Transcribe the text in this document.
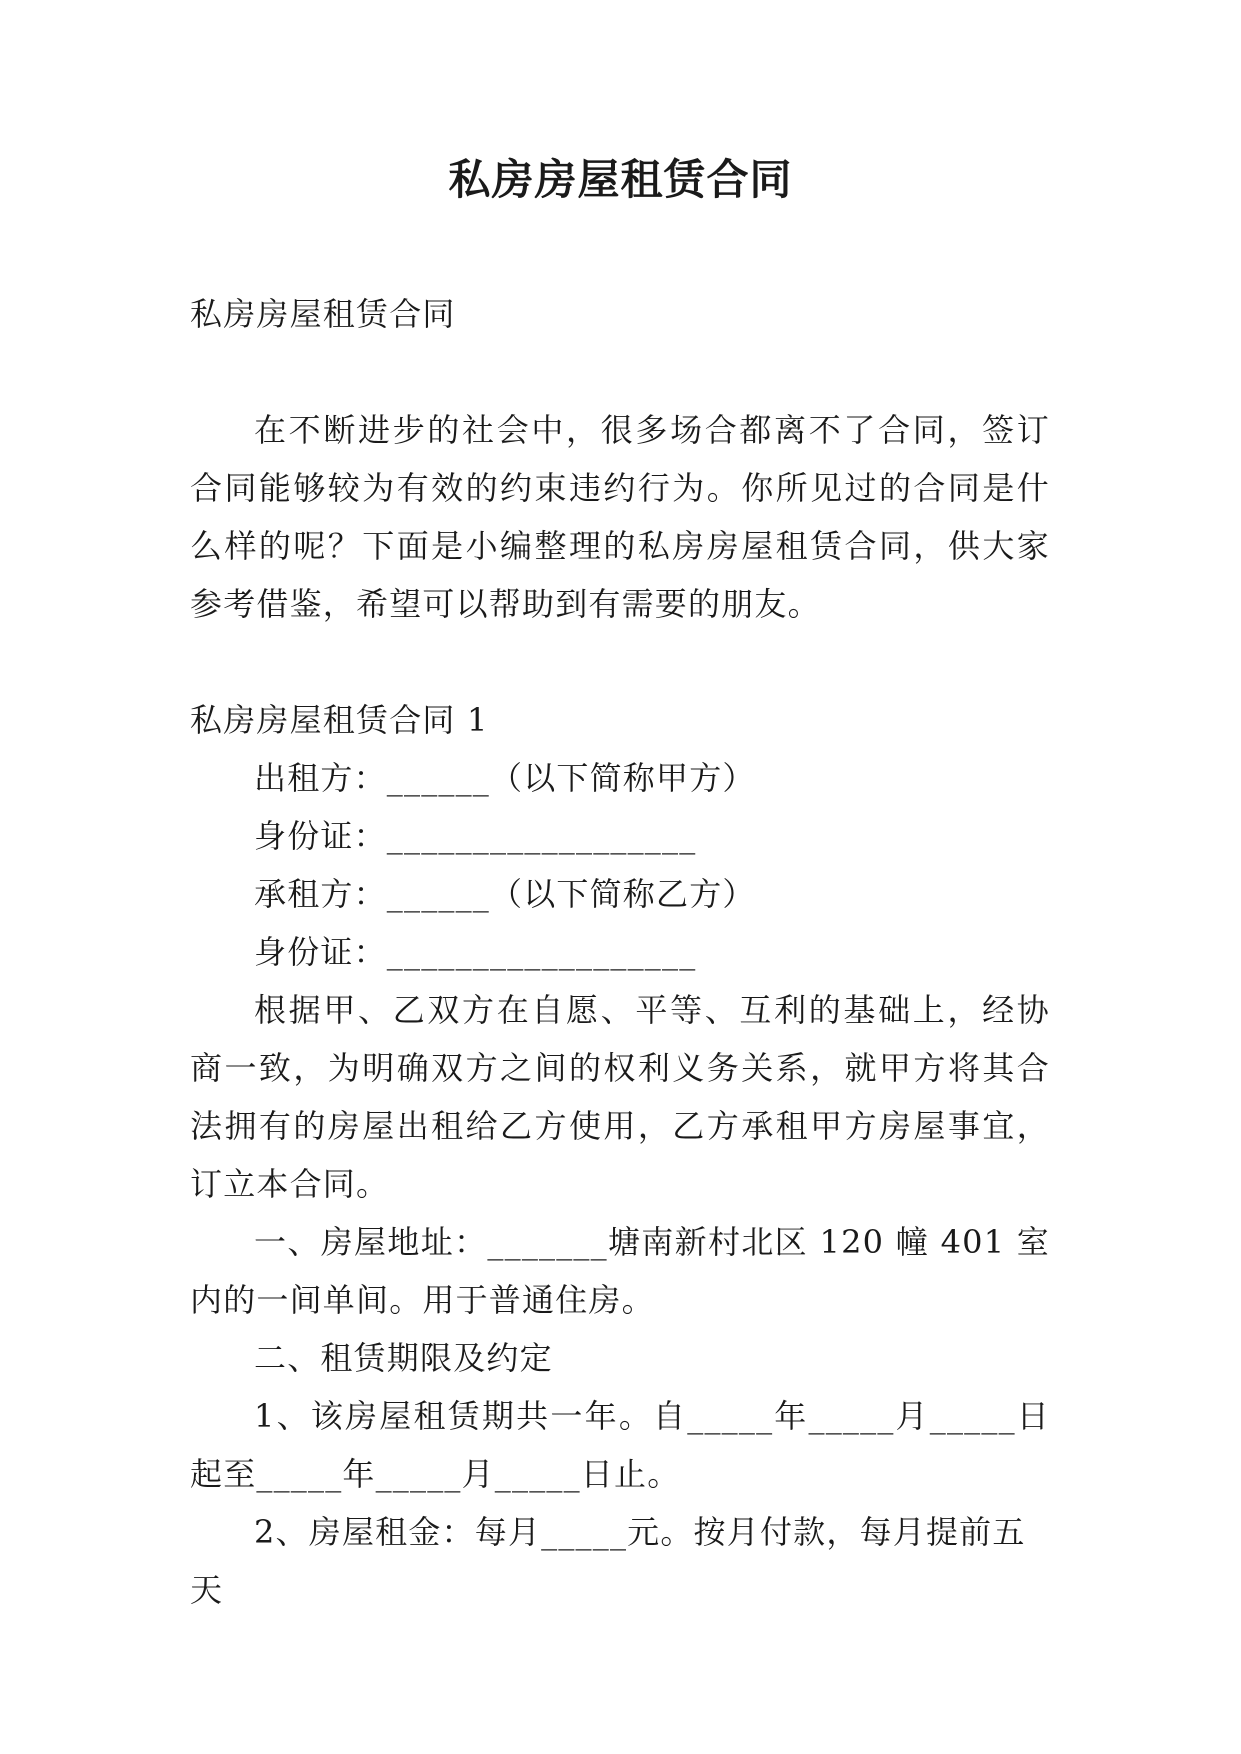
私房房屋租赁合同

私房房屋租赁合同

在不断进步的社会中，很多场合都离不了合同，签订合同能够较为有效的约束违约行为。你所见过的合同是什么样的呢？下面是小编整理的私房房屋租赁合同，供大家参考借鉴，希望可以帮助到有需要的朋友。

私房房屋租赁合同 1

出租方：______（以下简称甲方）

身份证：__________________

承租方：______（以下简称乙方）

身份证：__________________

根据甲、乙双方在自愿、平等、互利的基础上，经协商一致，为明确双方之间的权利义务关系，就甲方将其合法拥有的房屋出租给乙方使用，乙方承租甲方房屋事宜，订立本合同。

一、房屋地址：_______塘南新村北区 120 幢 401 室内的一间单间。用于普通住房。

二、租赁期限及约定

1、该房屋租赁期共一年。自_____年_____月_____日起至_____年_____月_____日止。

2、房屋租金：每月_____元。按月付款，每月提前五天
